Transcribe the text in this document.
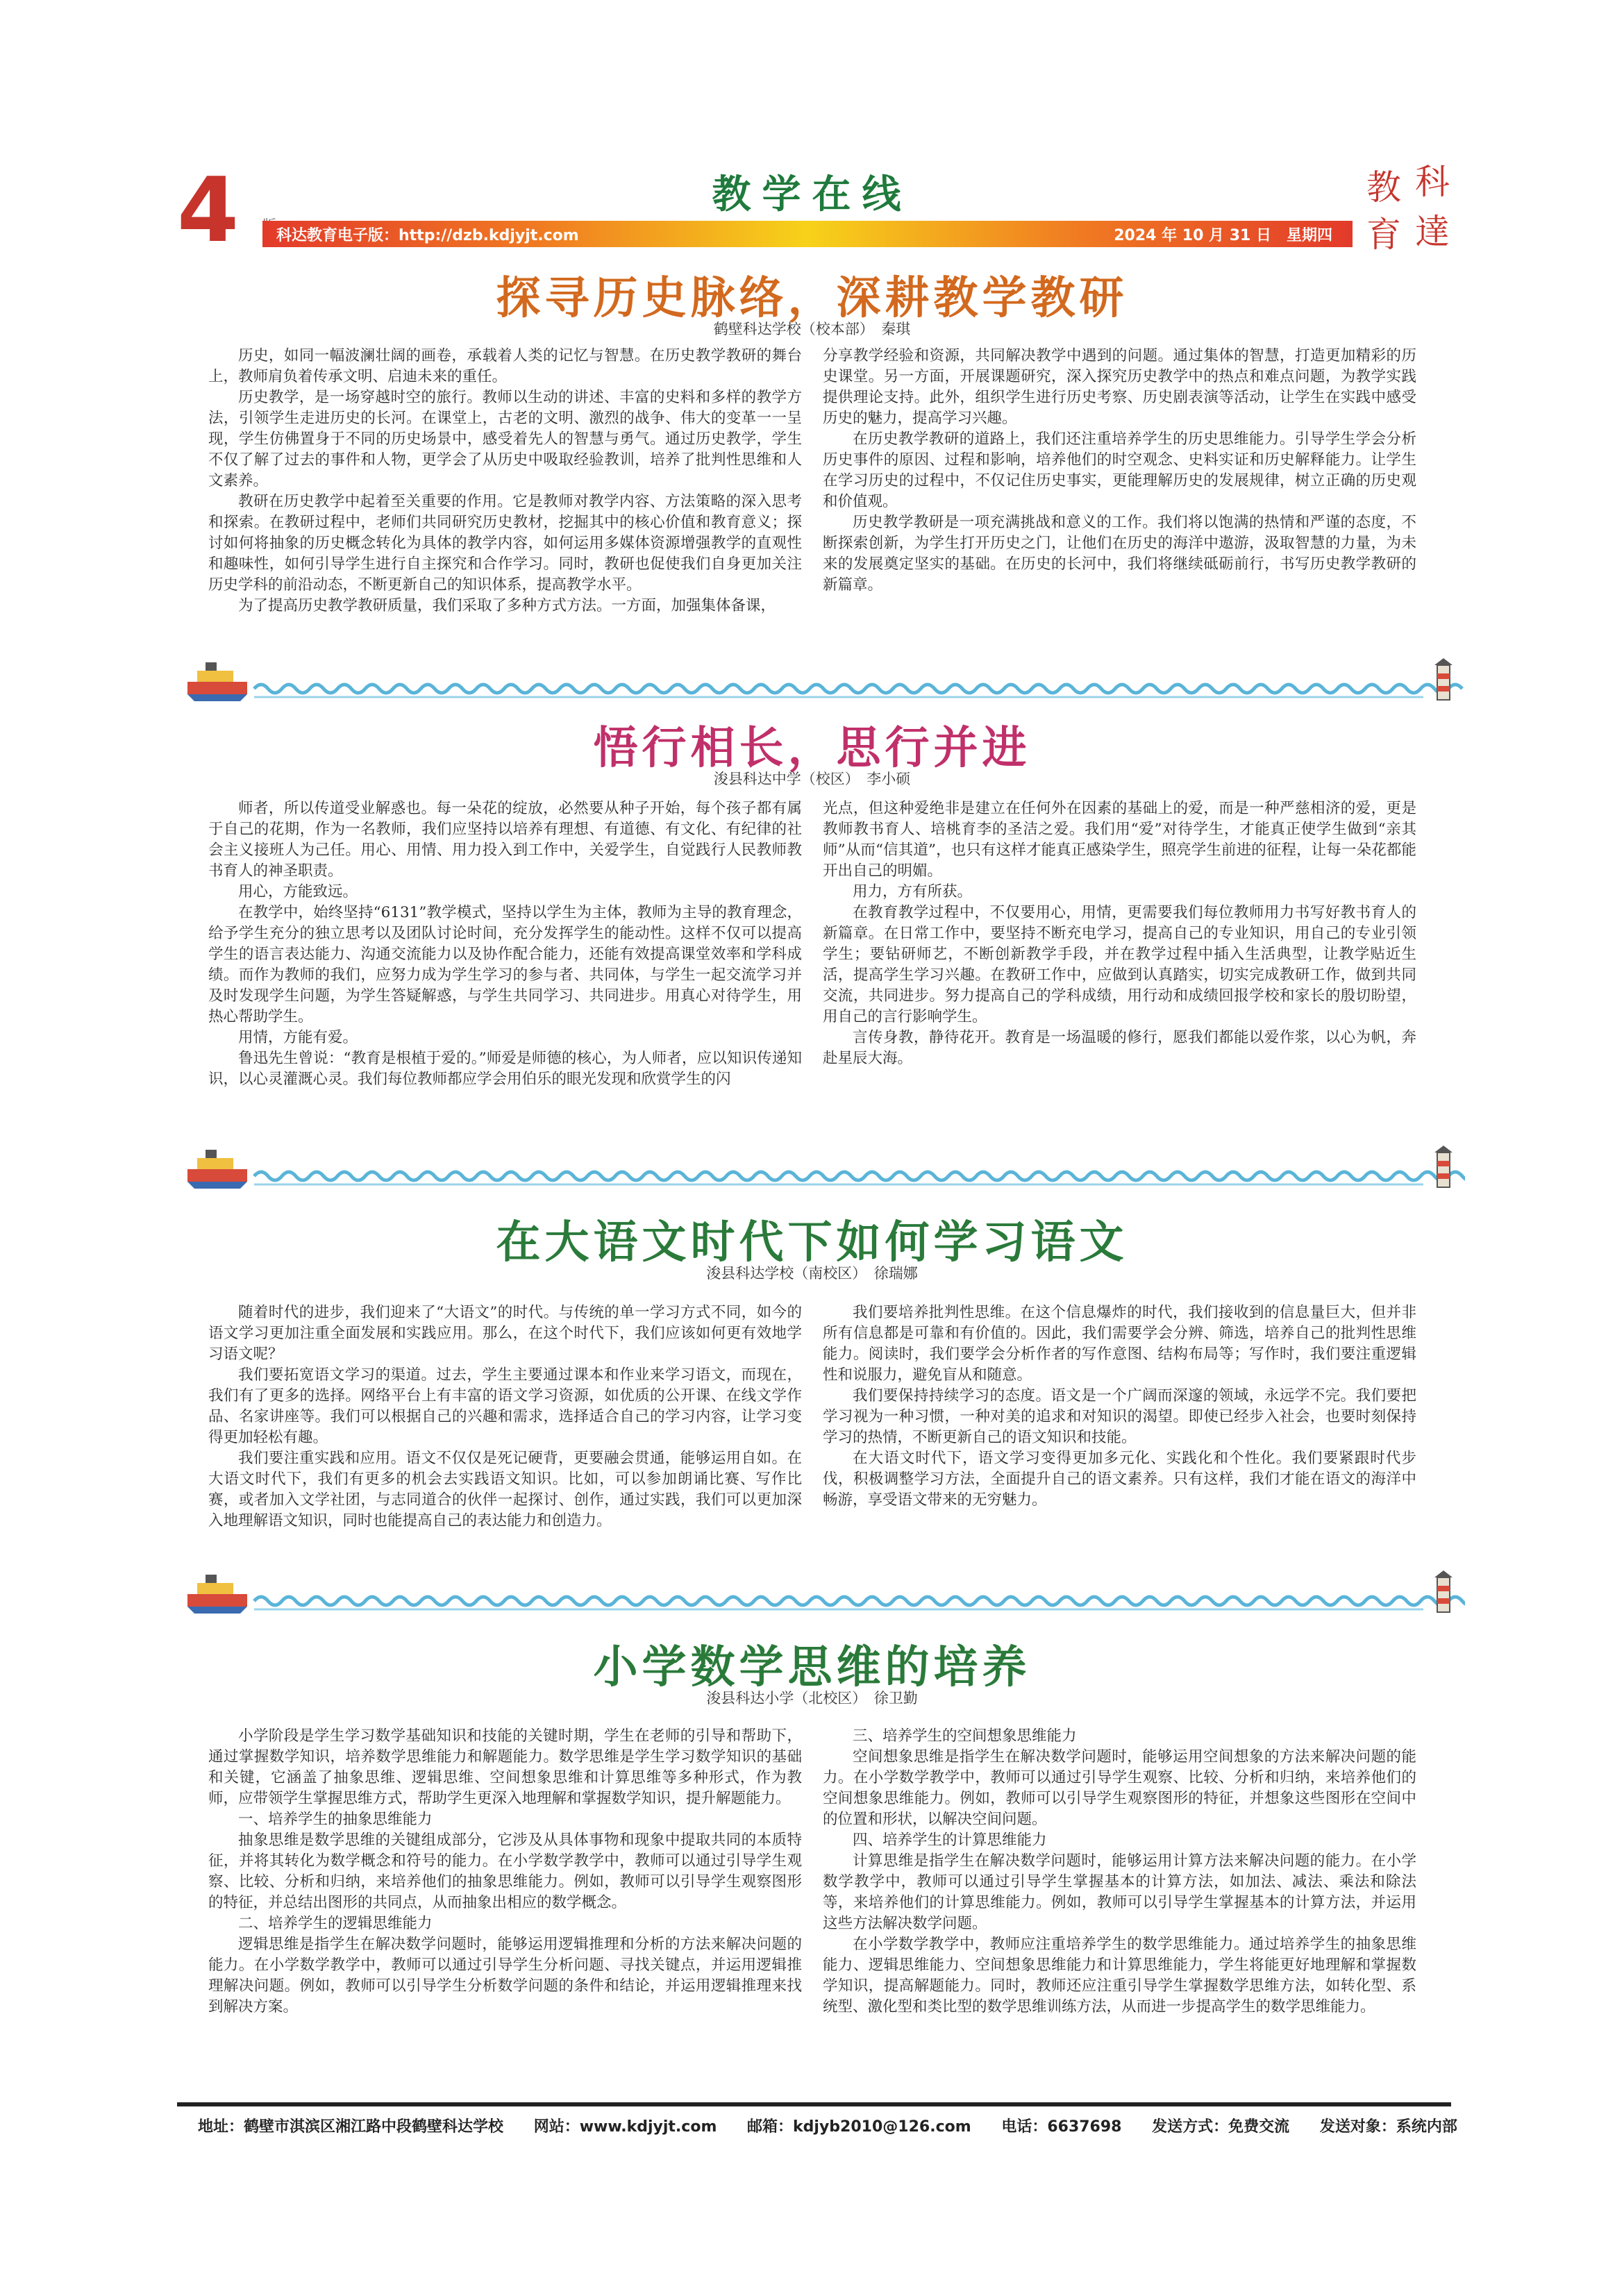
4	教学在线
科达教育电子版：http://dzb.kdjyjt.com	2024 年 10 月 31 日　星期四
教 科
育 達
探寻历史脉络，深耕教学教研
鹤壁科达学校（校本部）　秦琪

历史，如同一幅波澜壮阔的画卷，承载着人类的记忆与智慧。在历史教学教研的舞台上，教师肩负着传承文明、启迪未来的重任。

历史教学，是一场穿越时空的旅行。教师以生动的讲述、丰富的史料和多样的教学方法，引领学生走进历史的长河。在课堂上，古老的文明、激烈的战争、伟大的变革一一呈现，学生仿佛置身于不同的历史场景中，感受着先人的智慧与勇气。通过历史教学，学生不仅了解了过去的事件和人物，更学会了从历史中吸取经验教训，培养了批判性思维和人文素养。

教研在历史教学中起着至关重要的作用。它是教师对教学内容、方法策略的深入思考和探索。在教研过程中，老师们共同研究历史教材，挖掘其中的核心价值和教育意义；探讨如何将抽象的历史概念转化为具体的教学内容，如何运用多媒体资源增强教学的直观性和趣味性，如何引导学生进行自主探究和合作学习。同时，教研也促使我们自身更加关注历史学科的前沿动态，不断更新自己的知识体系，提高教学水平。

为了提高历史教学教研质量，我们采取了多种方式方法。一方面，加强集体备课，

分享教学经验和资源，共同解决教学中遇到的问题。通过集体的智慧，打造更加精彩的历史课堂。另一方面，开展课题研究，深入探究历史教学中的热点和难点问题，为教学实践提供理论支持。此外，组织学生进行历史考察、历史剧表演等活动，让学生在实践中感受历史的魅力，提高学习兴趣。

在历史教学教研的道路上，我们还注重培养学生的历史思维能力。引导学生学会分析历史事件的原因、过程和影响，培养他们的时空观念、史料实证和历史解释能力。让学生在学习历史的过程中，不仅记住历史事实，更能理解历史的发展规律，树立正确的历史观和价值观。

历史教学教研是一项充满挑战和意义的工作。我们将以饱满的热情和严谨的态度，不断探索创新，为学生打开历史之门，让他们在历史的海洋中遨游，汲取智慧的力量，为未来的发展奠定坚实的基础。在历史的长河中，我们将继续砥砺前行，书写历史教学教研的新篇章。

悟行相长，思行并进
浚县科达中学（校区）　李小硕

师者，所以传道受业解惑也。每一朵花的绽放，必然要从种子开始，每个孩子都有属于自己的花期，作为一名教师，我们应坚持以培养有理想、有道德、有文化、有纪律的社会主义接班人为己任。用心、用情、用力投入到工作中，关爱学生，自觉践行人民教师教书育人的神圣职责。

用心，方能致远。

在教学中，始终坚持“6131”教学模式，坚持以学生为主体，教师为主导的教育理念，给予学生充分的独立思考以及团队讨论时间，充分发挥学生的能动性。这样不仅可以提高学生的语言表达能力、沟通交流能力以及协作配合能力，还能有效提高课堂效率和学科成绩。而作为教师的我们，应努力成为学生学习的参与者、共同体，与学生一起交流学习并及时发现学生问题，为学生答疑解惑，与学生共同学习、共同进步。用真心对待学生，用热心帮助学生。

用情，方能有爱。

鲁迅先生曾说：“教育是根植于爱的。”师爱是师德的核心，为人师者，应以知识传递知识，以心灵灌溉心灵。我们每位教师都应学会用伯乐的眼光发现和欣赏学生的闪

光点，但这种爱绝非是建立在任何外在因素的基础上的爱，而是一种严慈相济的爱，更是教师教书育人、培桃育李的圣洁之爱。我们用“爱”对待学生，才能真正使学生做到“亲其师”从而“信其道”，也只有这样才能真正感染学生，照亮学生前进的征程，让每一朵花都能开出自己的明媚。

用力，方有所获。

在教育教学过程中，不仅要用心，用情，更需要我们每位教师用力书写好教书育人的新篇章。在日常工作中，要坚持不断充电学习，提高自己的专业知识，用自己的专业引领学生；要钻研师艺，不断创新教学手段，并在教学过程中插入生活典型，让教学贴近生活，提高学生学习兴趣。在教研工作中，应做到认真踏实，切实完成教研工作，做到共同交流，共同进步。努力提高自己的学科成绩，用行动和成绩回报学校和家长的殷切盼望，用自己的言行影响学生。

言传身教，静待花开。教育是一场温暖的修行，愿我们都能以爱作浆，以心为帆，奔赴星辰大海。

在大语文时代下如何学习语文
浚县科达学校（南校区）　徐瑞娜

随着时代的进步，我们迎来了“大语文”的时代。与传统的单一学习方式不同，如今的语文学习更加注重全面发展和实践应用。那么，在这个时代下，我们应该如何更有效地学习语文呢？

我们要拓宽语文学习的渠道。过去，学生主要通过课本和作业来学习语文，而现在，我们有了更多的选择。网络平台上有丰富的语文学习资源，如优质的公开课、在线文学作品、名家讲座等。我们可以根据自己的兴趣和需求，选择适合自己的学习内容，让学习变得更加轻松有趣。

我们要注重实践和应用。语文不仅仅是死记硬背，更要融会贯通，能够运用自如。在大语文时代下，我们有更多的机会去实践语文知识。比如，可以参加朗诵比赛、写作比赛，或者加入文学社团，与志同道合的伙伴一起探讨、创作，通过实践，我们可以更加深入地理解语文知识，同时也能提高自己的表达能力和创造力。

我们要培养批判性思维。在这个信息爆炸的时代，我们接收到的信息量巨大，但并非所有信息都是可靠和有价值的。因此，我们需要学会分辨、筛选，培养自己的批判性思维能力。阅读时，我们要学会分析作者的写作意图、结构布局等；写作时，我们要注重逻辑性和说服力，避免盲从和随意。

我们要保持持续学习的态度。语文是一个广阔而深邃的领域，永远学不完。我们要把学习视为一种习惯，一种对美的追求和对知识的渴望。即使已经步入社会，也要时刻保持学习的热情，不断更新自己的语文知识和技能。

在大语文时代下，语文学习变得更加多元化、实践化和个性化。我们要紧跟时代步伐，积极调整学习方法，全面提升自己的语文素养。只有这样，我们才能在语文的海洋中畅游，享受语文带来的无穷魅力。

小学数学思维的培养
浚县科达小学（北校区）　徐卫勤

小学阶段是学生学习数学基础知识和技能的关键时期，学生在老师的引导和帮助下，通过掌握数学知识，培养数学思维能力和解题能力。数学思维是学生学习数学知识的基础和关键，它涵盖了抽象思维、逻辑思维、空间想象思维和计算思维等多种形式，作为教师，应带领学生掌握思维方式，帮助学生更深入地理解和掌握数学知识，提升解题能力。

一、培养学生的抽象思维能力

抽象思维是数学思维的关键组成部分，它涉及从具体事物和现象中提取共同的本质特征，并将其转化为数学概念和符号的能力。在小学数学教学中，教师可以通过引导学生观察、比较、分析和归纳，来培养他们的抽象思维能力。例如，教师可以引导学生观察图形的特征，并总结出图形的共同点，从而抽象出相应的数学概念。

二、培养学生的逻辑思维能力

逻辑思维是指学生在解决数学问题时，能够运用逻辑推理和分析的方法来解决问题的能力。在小学数学教学中，教师可以通过引导学生分析问题、寻找关键点，并运用逻辑推理解决问题。例如，教师可以引导学生分析数学问题的条件和结论，并运用逻辑推理来找到解决方案。

三、培养学生的空间想象思维能力

空间想象思维是指学生在解决数学问题时，能够运用空间想象的方法来解决问题的能力。在小学数学教学中，教师可以通过引导学生观察、比较、分析和归纳，来培养他们的空间想象思维能力。例如，教师可以引导学生观察图形的特征，并想象这些图形在空间中的位置和形状，以解决空间问题。

四、培养学生的计算思维能力

计算思维是指学生在解决数学问题时，能够运用计算方法来解决问题的能力。在小学数学教学中，教师可以通过引导学生掌握基本的计算方法，如加法、减法、乘法和除法等，来培养他们的计算思维能力。例如，教师可以引导学生掌握基本的计算方法，并运用这些方法解决数学问题。

在小学数学教学中，教师应注重培养学生的数学思维能力。通过培养学生的抽象思维能力、逻辑思维能力、空间想象思维能力和计算思维能力，学生将能更好地理解和掌握数学知识，提高解题能力。同时，教师还应注重引导学生掌握数学思维方法，如转化型、系统型、激化型和类比型的数学思维训练方法，从而进一步提高学生的数学思维能力。

地址：鹤壁市淇滨区湘江路中段鹤壁科达学校 网站：www.kdjyjt.com 邮箱：kdjyb2010@126.com 电话：6637698 发送方式：免费交流 发送对象：系统内部
